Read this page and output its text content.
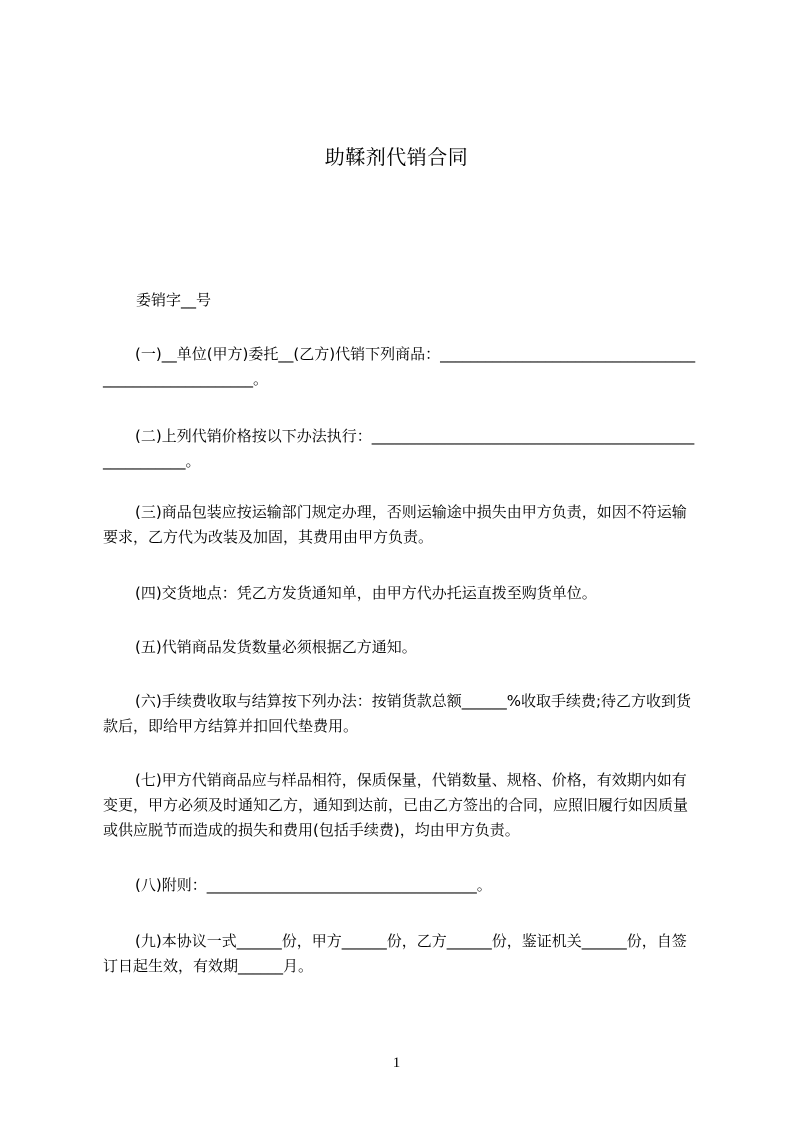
助鞣剂代销合同
委销字__号
(一)__单位(甲方)委托__(乙方)代销下列商品：______________________________________________________。
(二)上列代销价格按以下办法执行：______________________________________________________。
(三)商品包装应按运输部门规定办理，否则运输途中损失由甲方负责，如因不符运输要求，乙方代为改装及加固，其费用由甲方负责。
(四)交货地点：凭乙方发货通知单，由甲方代办托运直拨至购货单位。
(五)代销商品发货数量必须根据乙方通知。
(六)手续费收取与结算按下列办法：按销货款总额______%收取手续费;待乙方收到货款后，即给甲方结算并扣回代垫费用。
(七)甲方代销商品应与样品相符，保质保量，代销数量、规格、价格，有效期内如有变更，甲方必须及时通知乙方，通知到达前，已由乙方签出的合同，应照旧履行如因质量或供应脱节而造成的损失和费用(包括手续费)，均由甲方负责。
(八)附则：____________________________________。
(九)本协议一式______份，甲方______份，乙方______份，鉴证机关______份，自签订日起生效，有效期______月。
1
